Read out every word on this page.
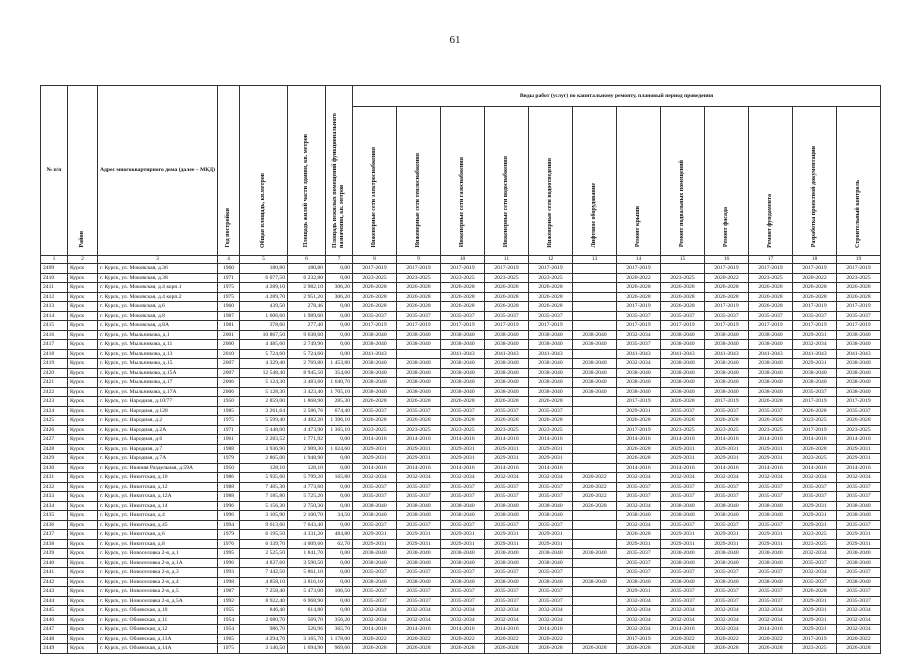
61
№ п/п	Район	Адрес многоквартирного дома (далее – МКД)	Год постройки	Общая площадь, кв.метров	Площадь жилой части здания, кв. метров	Площадь нежилых помещений функционального назначения, кв. метров	Виды работ (услуг) по капитальному ремонту, плановый период проведения											
							Инженерные сети электроснабжения	Инженерные сети теплоснабжения	Инженерные сети газоснабжения	Инженерные сети водоснабжения	Инженерные сети водоотведения	Лифтовое оборудование	Ремонт крыши	Ремонт подвальных помещений	Ремонт фасада	Ремонт фундамента	Разработка проектной документации	Строительный контроль
1	2	3	4	5	6	7	8	9	10	11	12	13	14	15	16	17	18	19
2409	Курск	г. Курск, ул. Моковская, д.36	1960	180,80	180,80	0,00	2017-2019	2017-2019	2017-2019	2017-2019	2017-2019		2017-2019		2017-2019	2017-2019	2017-2019	2017-2019
2410	Курск	г. Курск, ул. Моковская, д.38	1971	6 077,50	6 232,80	0,00	2023-2025	2023-2025	2023-2025	2023-2025	2023-2025		2020-2022	2023-2025	2020-2022	2023-2025	2020-2022	2023-2025
2411	Курск	г. Курск, ул. Моковская, д.4 корп.1	1975	4 289,10	2 982,10	306,20	2026-2028	2026-2028	2026-2028	2026-2028	2026-2028		2026-2028	2026-2028	2026-2028	2026-2028	2026-2028	2026-2028
2412	Курск	г. Курск, ул. Моковская, д.4 корп.2	1975	4 289,70	2 951,20	306,20	2026-2028	2026-2028	2026-2028	2026-2028	2026-2028		2026-2028	2026-2028	2026-2028	2026-2028	2026-2028	2026-2028
2413	Курск	г. Курск, ул. Моковская, д.6	1960	439,50	278,46	0,00	2026-2028	2026-2028	2026-2028	2026-2028	2026-2028		2017-2019	2026-2028	2017-2019	2026-2028	2017-2019	2017-2019
2414	Курск	г. Курск, ул. Моковская, д.8	1987	1 606,60	1 989,60	0,00	2035-2037	2035-2037	2035-2037	2035-2037	2035-2037		2035-2037	2035-2037	2035-2037	2035-2037	2035-2037	2035-2037
2415	Курск	г. Курск, ул. Моковская, д.8А	1981	378,60	277,40	0,00	2017-2019	2017-2019	2017-2019	2017-2019	2017-2019		2017-2019	2017-2019	2017-2019	2017-2019	2017-2019	2017-2019
2416	Курск	г. Курск, ул. Мыльникова, д.1	2001	10 867,50	9 638,60	0,00	2038-2040	2038-2040	2038-2040	2038-2040	2038-2040	2038-2040	2032-2034	2038-2040	2038-2040	2038-2040	2029-2031	2038-2040
2417	Курск	г. Курск, ул. Мыльникова, д.11	2000	4 485,60	2 749,90	0,00	2038-2040	2038-2040	2038-2040	2038-2040	2038-2040	2038-2040	2035-2037	2038-2040	2038-2040	2038-2040	2032-2034	2038-2040
2418	Курск	г. Курск, ул. Мыльникова, д.13	2010	5 724,60	5 724,60	0,00	2041-2043		2041-2043	2041-2043	2041-2043		2041-2043	2041-2043	2041-2043	2041-2043	2041-2043	2041-2043
2419	Курск	г. Курск, ул. Мыльникова, д.15	2007	4 329,40	2 769,80	1 453,80	2038-2040	2038-2040	2038-2040	2038-2040	2038-2040	2038-2040	2032-2034	2038-2040	2038-2040	2038-2040	2029-2031	2038-2040
2420	Курск	г. Курск, ул. Мыльникова, д.15А	2007	12 548,40	8 945,50	354,60	2038-2040	2038-2040	2038-2040	2038-2040	2038-2040	2038-2040	2038-2040	2038-2040	2038-2040	2038-2040	2038-2040	2038-2040
2421	Курск	г. Курск, ул. Мыльникова, д.17	2006	5 124,30	3 483,60	1 640,70	2038-2040	2038-2040	2038-2040	2038-2040	2038-2040	2038-2040	2038-2040	2038-2040	2038-2040	2038-2040	2038-2040	2038-2040
2422	Курск	г. Курск, ул. Мыльникова, д.17А	2006	5 128,30	3 423,40	1 705,10	2038-2040	2038-2040	2038-2040	2038-2040	2038-2040	2038-2040	2038-2040	2038-2040	2038-2040	2038-2040	2035-2037	2038-2040
2423	Курск	г. Курск, ул. Народная, д.10/77	1950	2 859,00	1 868,90	285,30	2026-2028	2026-2028	2026-2028	2026-2028	2026-2028		2017-2019	2026-2028	2017-2019	2026-2028	2017-2019	2017-2019
2424	Курск	г. Курск, ул. Народная, д.128	1985	3 261,64	2 586,76	674,40	2035-2037	2035-2037	2035-2037	2035-2037	2035-2037		2029-2031	2035-2037	2035-2037	2035-2037	2026-2028	2035-2037
2425	Курск	г. Курск, ул. Народная, д.2	1975	5 599,40	4 482,20	1 396,10	2026-2028	2026-2028	2026-2028	2026-2028	2026-2028		2026-2028	2026-2028	2026-2028	2026-2028	2023-2025	2026-2028
2426	Курск	г. Курск, ул. Народная, д.2А	1971	5 448,00	4 473,90	1 365,10	2023-2025	2023-2025	2023-2025	2023-2025	2023-2025		2017-2019	2023-2025	2023-2025	2023-2025	2017-2019	2023-2025
2427	Курск	г. Курск, ул. Народная, д.6	1961	2 283,52	1 771,92	0,00	2014-2016	2014-2016	2014-2016	2014-2016	2014-2016		2014-2016	2014-2016	2014-2016	2014-2016	2014-2016	2014-2016
2428	Курск	г. Курск, ул. Народная, д.7	1988	3 936,90	2 909,30	1 024,60	2029-2031	2029-2031	2029-2031	2029-2031	2029-2031		2026-2028	2029-2031	2029-2031	2029-2031	2026-2028	2029-2031
2429	Курск	г. Курск, ул. Народная, д.7А	1979	2 865,00	1 948,90	0,00	2029-2031	2029-2031	2029-2031	2029-2031	2029-2031		2026-2028	2029-2031	2029-2031	2029-2031	2023-2025	2029-2031
2430	Курск	г. Курск, ул. Нижняя Раздельная, д.59А	1950	128,10	128,10	0,00	2014-2016	2014-2016	2014-2016	2014-2016	2014-2016		2014-2016	2014-2016	2014-2016	2014-2016	2014-2016	2014-2016
2431	Курск	г. Курск, ул. Никитская, д.10	1986	5 935,60	5 799,20	165,80	2032-2034	2032-2034	2032-2034	2032-2034	2032-2034	2020-2022	2032-2034	2032-2034	2032-2034	2032-2034	2032-2034	2032-2034
2432	Курск	г. Курск, ул. Никитская, д.12	1988	7 405,30	4 773,60	0,00	2035-2037	2035-2037	2035-2037	2035-2037	2035-2037	2020-2022	2035-2037	2035-2037	2035-2037	2035-2037	2035-2037	2035-2037
2433	Курск	г. Курск, ул. Никитская, д.12А	1988	7 185,80	5 725,20	0,00	2035-2037	2035-2037	2035-2037	2035-2037	2035-2037	2020-2022	2035-2037	2035-2037	2035-2037	2035-2037	2035-2037	2035-2037
2434	Курск	г. Курск, ул. Никитская, д.14	1996	5 156,30	2 750,30	0,00	2038-2040	2038-2040	2038-2040	2038-2040	2038-2040	2026-2028	2032-2034	2038-2040	2038-2040	2038-2040	2029-2031	2038-2040
2435	Курск	г. Курск, ул. Никитская, д.4	1996	3 105,90	2 100,70	34,50	2038-2040	2038-2040	2038-2040	2038-2040	2038-2040		2038-2040	2038-2040	2038-2040	2038-2040	2029-2031	2038-2040
2436	Курск	г. Курск, ул. Никитская, д.45	1994	9 613,60	7 643,40	0,00	2035-2037	2035-2037	2035-2037	2035-2037	2035-2037		2032-2034	2035-2037	2035-2037	2035-2037	2029-2031	2035-2037
2437	Курск	г. Курск, ул. Никитская, д.6	1979	6 195,50	4 331,20	484,80	2029-2031	2029-2031	2029-2031	2029-2031	2029-2031		2026-2028	2029-2031	2029-2031	2029-2031	2023-2025	2029-2031
2438	Курск	г. Курск, ул. Никитская, д.8	1976	6 339,70	4 009,60	62,70	2029-2031	2029-2031	2029-2031	2029-2031	2029-2031		2029-2031	2029-2031	2029-2031	2029-2031	2023-2025	2029-2031
2439	Курск	г. Курск, ул. Новоселовка 2-я, д.1	1995	2 525,50	1 841,70	0,00	2038-2040	2038-2040	2038-2040	2038-2040	2038-2040	2038-2040	2035-2037	2038-2040	2038-2040	2038-2040	2032-2034	2038-2040
2440	Курск	г. Курск, ул. Новоселовка 2-я, д.1А	1996	4 837,60	3 590,50	0,00	2038-2040	2038-2040	2038-2040	2038-2040	2038-2040		2035-2037	2038-2040	2038-2040	2038-2040	2035-2037	2038-2040
2441	Курск	г. Курск, ул. Новоселовка 2-я, д.3	1993	7 442,50	5 861,10	0,00	2035-2037	2035-2037	2035-2037	2035-2037	2035-2037		2035-2037	2035-2037	2035-2037	2035-2037	2032-2034	2035-2037
2442	Курск	г. Курск, ул. Новоселовка 2-я, д.4	1998	4 858,10	3 816,10	0,00	2038-2040	2038-2040	2038-2040	2038-2040	2038-2040	2038-2040	2038-2040	2038-2040	2038-2040	2038-2040	2035-2037	2038-2040
2443	Курск	г. Курск, ул. Новоселовка 2-я, д.5	1987	7 258,40	5 473,00	106,50	2035-2037	2035-2037	2035-2037	2035-2037	2035-2037		2029-2031	2035-2037	2035-2037	2035-2037	2026-2028	2035-2037
2444	Курск	г. Курск, ул. Новоселовка 2-я, д.5А	1992	8 922,40	6 968,90	0,00	2035-2037	2035-2037	2035-2037	2035-2037	2035-2037		2032-2034	2035-2037	2035-2037	2035-2037	2029-2031	2035-2037
2445	Курск	г. Курск, ул. Обоянская, д.10	1955	846,40	614,80	0,00	2032-2034	2032-2034	2032-2034	2032-2034	2032-2034		2032-2034	2032-2034	2032-2034	2032-2034	2029-2031	2032-2034
2446	Курск	г. Курск, ул. Обоянская, д.11	1954	2 080,70	569,70	356,20	2032-2034	2032-2034	2032-2034	2032-2034	2032-2034		2032-2034	2032-2034	2032-2034	2032-2034	2029-2031	2032-2034
2447	Курск	г. Курск, ул. Обоянская, д.12	1954	986,70	520,96	365,70	2014-2016	2014-2016	2014-2016	2014-2016	2014-2016		2032-2034	2014-2016	2032-2034	2014-2016	2029-2031	2032-2034
2448	Курск	г. Курск, ул. Обоянская, д.13А	1965	4 294,70	3 165,70	1 178,00	2020-2022	2020-2022	2020-2022	2020-2022	2020-2022		2017-2019	2020-2022	2020-2022	2020-2022	2017-2019	2020-2022
2449	Курск	г. Курск, ул. Обоянская, д.14А	1975	3 146,50	1 694,90	969,60	2026-2028	2026-2028	2026-2028	2026-2028	2026-2028	2026-2028	2026-2028	2026-2028	2026-2028	2026-2028	2023-2025	2026-2028
